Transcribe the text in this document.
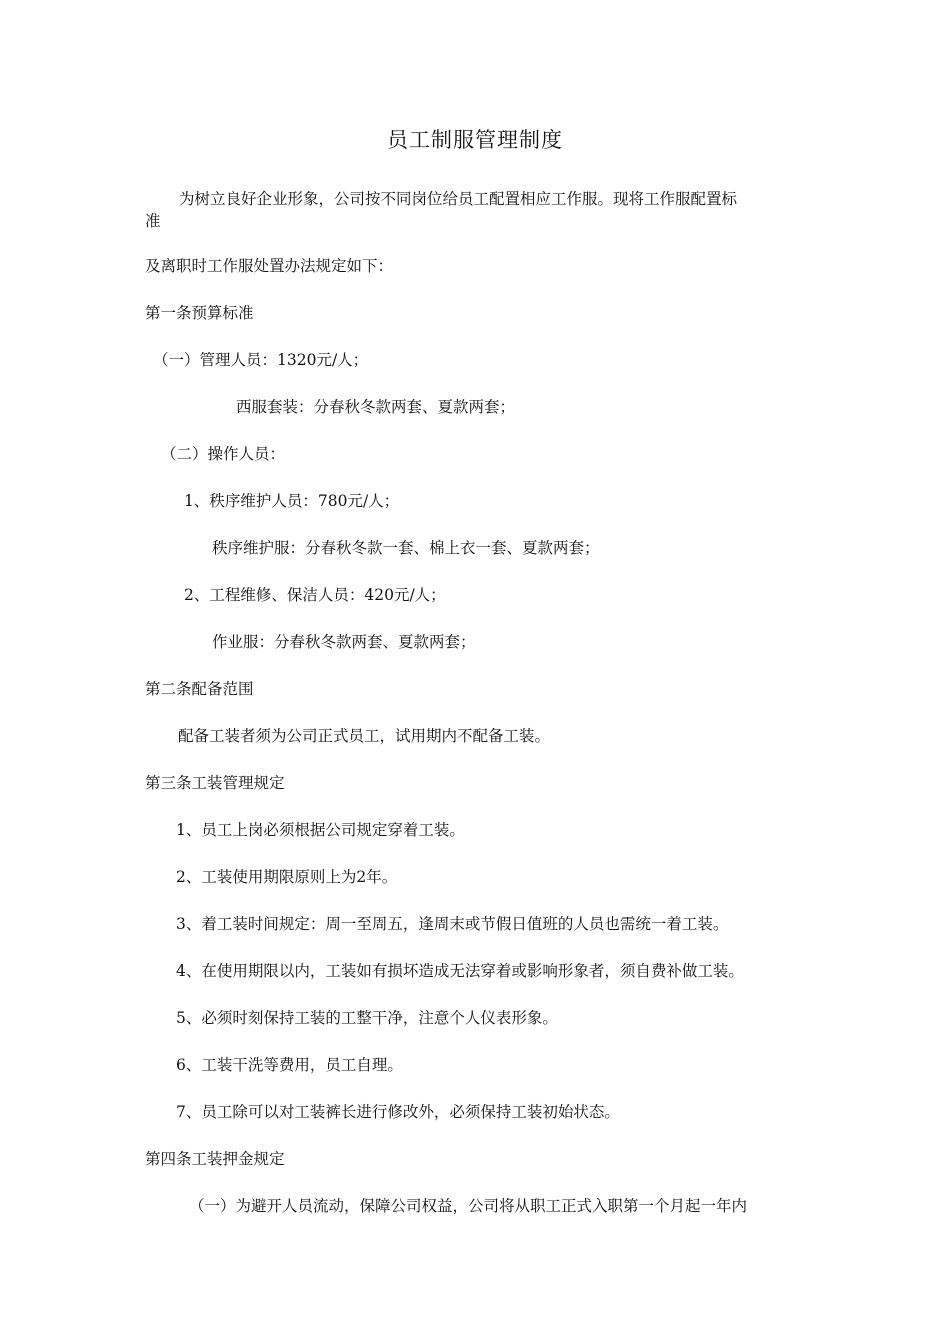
员工制服管理制度

为树立良好企业形象，公司按不同岗位给员工配置相应工作服。现将工作服配置标

准

及离职时工作服处置办法规定如下：

第一条预算标准

（一）管理人员：1320元/人；

西服套装：分春秋冬款两套、夏款两套；

（二）操作人员：

1、秩序维护人员：780元/人；

秩序维护服：分春秋冬款一套、棉上衣一套、夏款两套；

2、工程维修、保洁人员：420元/人；

作业服：分春秋冬款两套、夏款两套；

第二条配备范围

配备工装者须为公司正式员工，试用期内不配备工装。

第三条工装管理规定

1、员工上岗必须根据公司规定穿着工装。

2、工装使用期限原则上为2年。

3、着工装时间规定：周一至周五，逢周末或节假日值班的人员也需统一着工装。

4、在使用期限以内，工装如有损坏造成无法穿着或影响形象者，须自费补做工装。

5、必须时刻保持工装的工整干净，注意个人仪表形象。

6、工装干洗等费用，员工自理。

7、员工除可以对工装裤长进行修改外，必须保持工装初始状态。

第四条工装押金规定

（一）为避开人员流动，保障公司权益，公司将从职工正式入职第一个月起一年内
